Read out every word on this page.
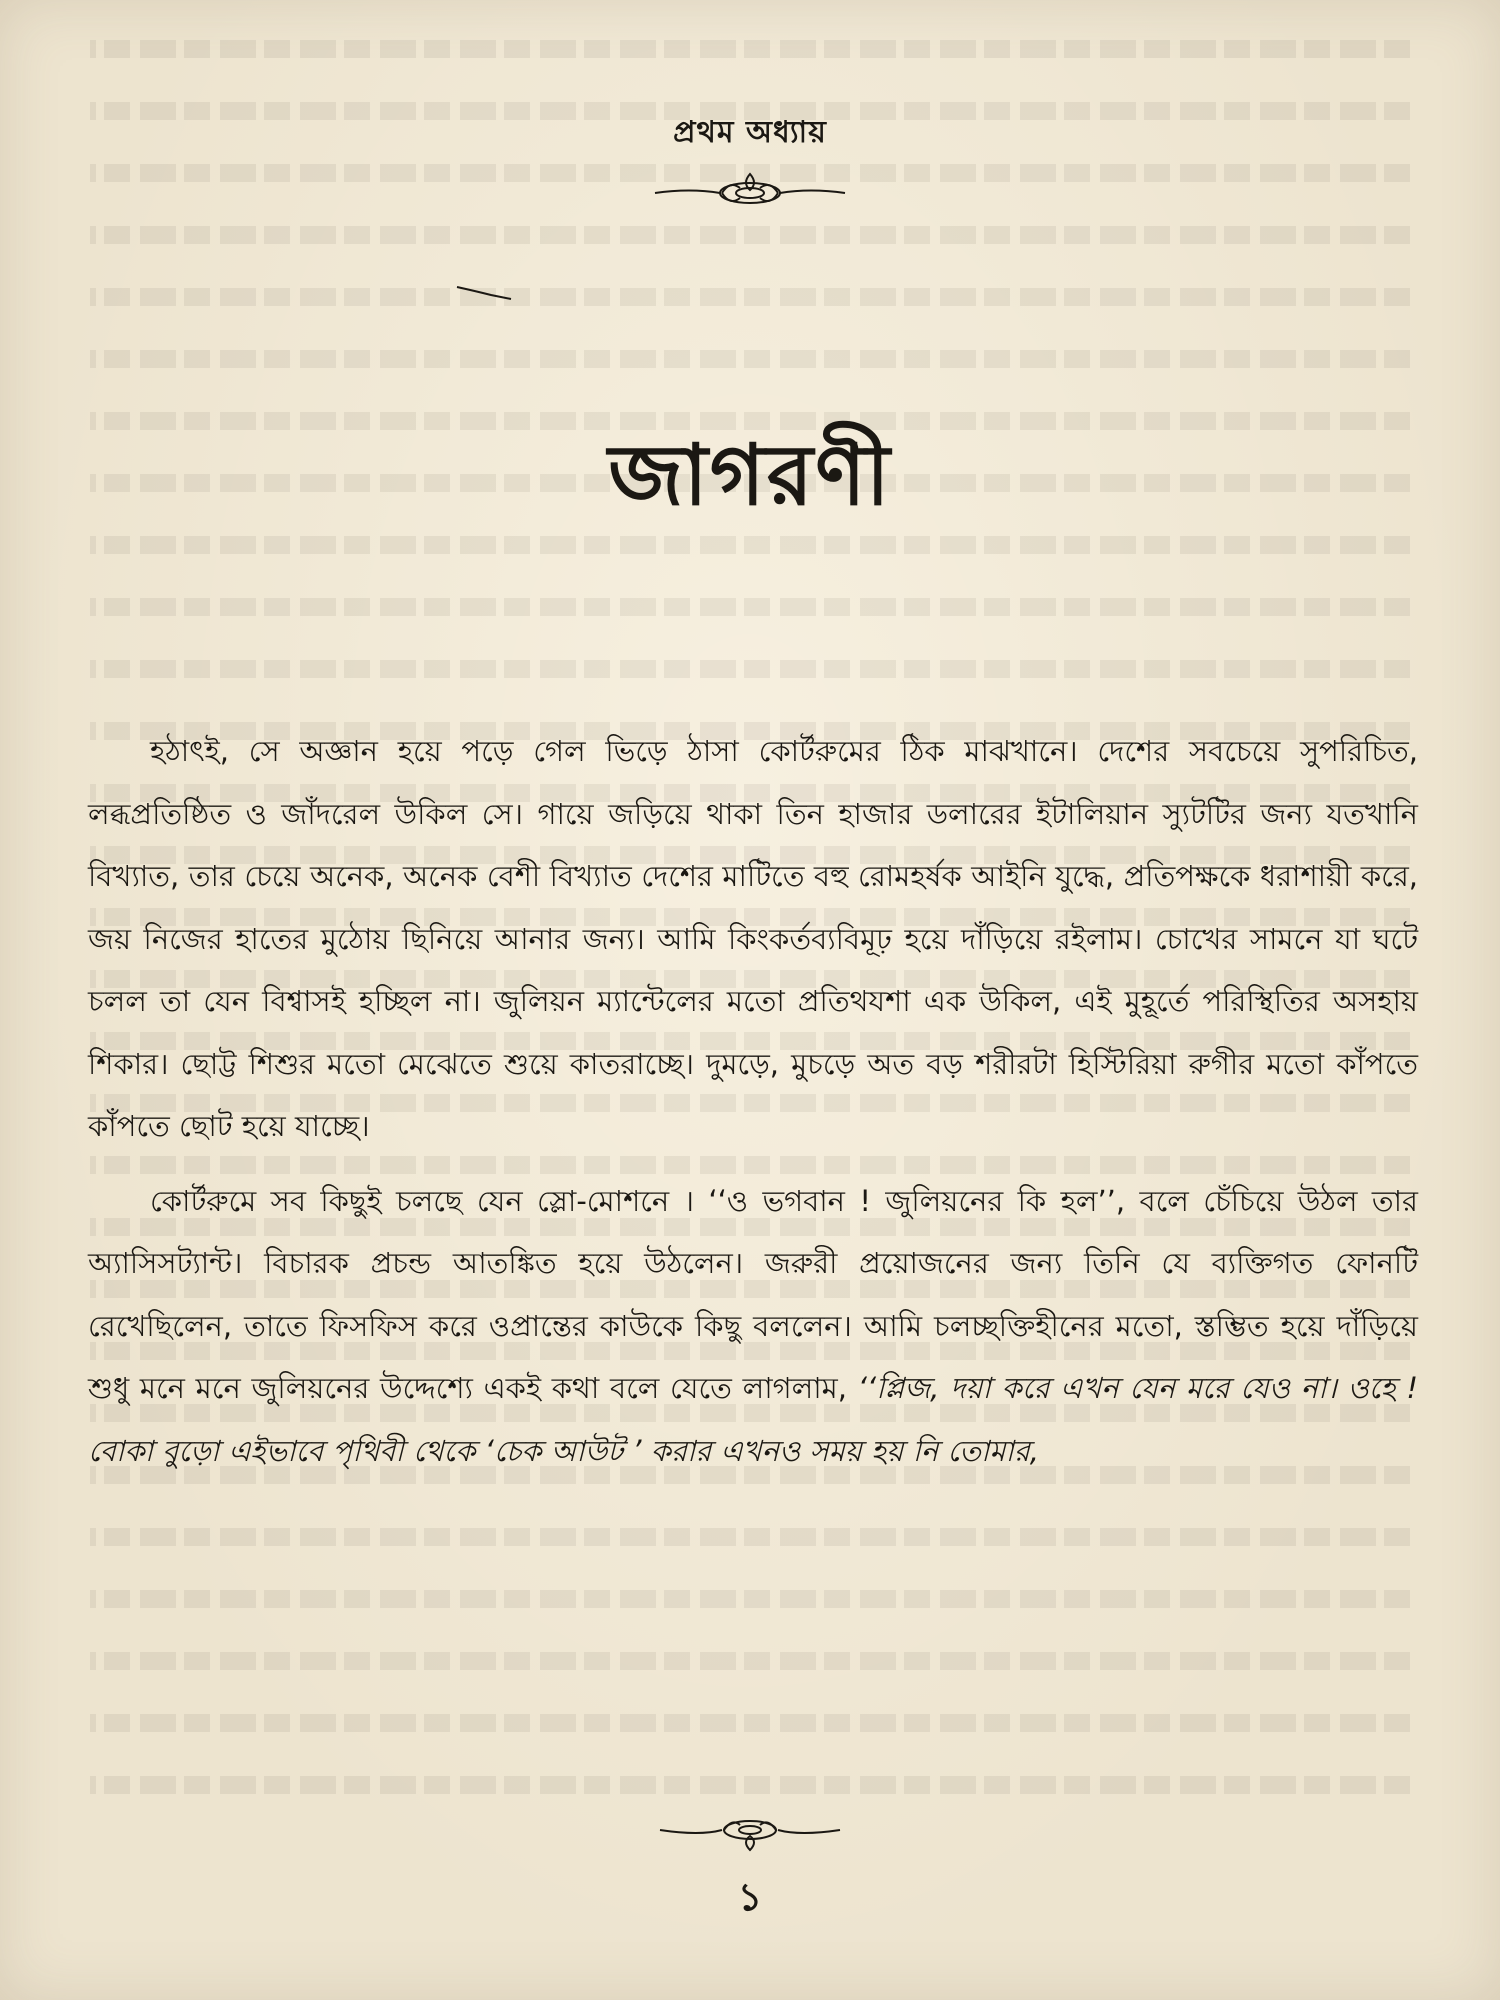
প্রথম অধ্যায়
জাগরণী

হঠাৎই, সে অজ্ঞান হয়ে পড়ে গেল ভিড়ে ঠাসা কোর্টরুমের ঠিক মাঝখানে। দেশের সবচেয়ে সুপরিচিত, লব্ধপ্রতিষ্ঠিত ও জাঁদরেল উকিল সে। গায়ে জড়িয়ে থাকা তিন হাজার ডলারের ইটালিয়ান স্যুটটির জন্য যতখানি বিখ্যাত, তার চেয়ে অনেক, অনেক বেশী বিখ্যাত দেশের মাটিতে বহু রোমহর্ষক আইনি যুদ্ধে, প্রতিপক্ষকে ধরাশায়ী করে, জয় নিজের হাতের মুঠোয় ছিনিয়ে আনার জন্য। আমি কিংকর্তব্যবিমূঢ় হয়ে দাঁড়িয়ে রইলাম। চোখের সামনে যা ঘটে চলল তা যেন বিশ্বাসই হচ্ছিল না। জুলিয়ন ম্যান্টেলের মতো প্রতিথযশা এক উকিল, এই মুহূর্তে পরিস্থিতির অসহায় শিকার। ছোট্ট শিশুর মতো মেঝেতে শুয়ে কাতরাচ্ছে। দুমড়ে, মুচড়ে অত বড় শরীরটা হিস্টিরিয়া রুগীর মতো কাঁপতে কাঁপতে ছোট হয়ে যাচ্ছে।

কোর্টরুমে সব কিছুই চলছে যেন স্লো-মোশনে । ‘‘ও ভগবান ! জুলিয়নের কি হল’’, বলে চেঁচিয়ে উঠল তার অ্যাসিসট্যান্ট। বিচারক প্রচন্ড আতঙ্কিত হয়ে উঠলেন। জরুরী প্রয়োজনের জন্য তিনি যে ব্যক্তিগত ফোনটি রেখেছিলেন, তাতে ফিসফিস করে ওপ্রান্তের কাউকে কিছু বললেন। আমি চলচ্ছক্তিহীনের মতো, স্তম্ভিত হয়ে দাঁড়িয়ে শুধু মনে মনে জুলিয়নের উদ্দেশ্যে একই কথা বলে যেতে লাগলাম, ‘‘প্লিজ, দয়া করে এখন যেন মরে যেও না। ওহে ! বোকা বুড়ো এইভাবে পৃথিবী থেকে ‘চেক আউট ’ করার এখনও সময় হয় নি তোমার,

১
